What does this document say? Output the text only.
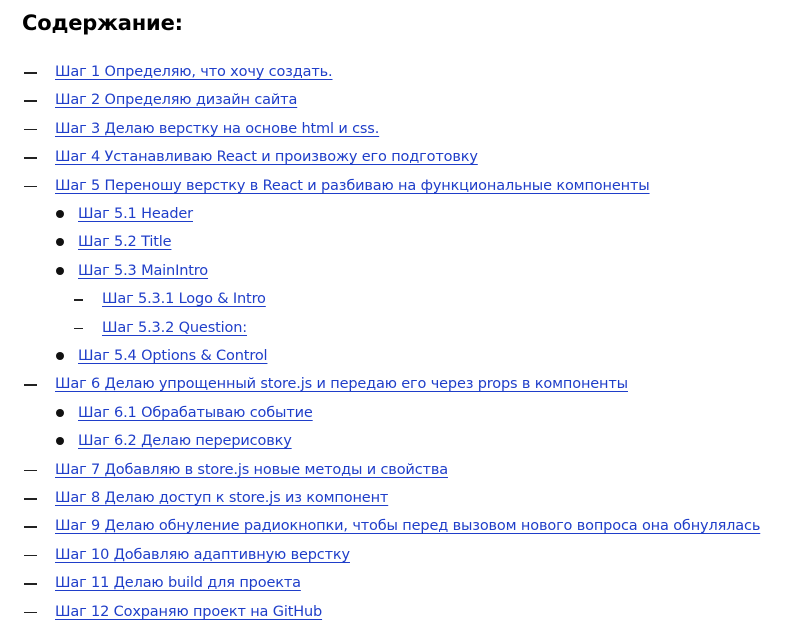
Содержание:
Шаг 1 Определяю, что хочу создать.
Шаг 2 Определяю дизайн сайта
Шаг 3 Делаю верстку на основе html и css.
Шаг 4 Устанавливаю React и произвожу его подготовку
Шаг 5 Переношу верстку в React и разбиваю на функциональные компоненты
Шаг 5.1 Header
Шаг 5.2 Title
Шаг 5.3 MainIntro
Шаг 5.3.1 Logo & Intro
Шаг 5.3.2 Question:
Шаг 5.4 Options & Control
Шаг 6 Делаю упрощенный store.js и передаю его через props в компоненты
Шаг 6.1 Обрабатываю событие
Шаг 6.2 Делаю перерисовку
Шаг 7 Добавляю в store.js новые методы и свойства
Шаг 8 Делаю доступ к store.js из компонент
Шаг 9 Делаю обнуление радиокнопки, чтобы перед вызовом нового вопроса она обнулялась
Шаг 10 Добавляю адаптивную верстку
Шаг 11 Делаю build для проекта
Шаг 12 Сохраняю проект на GitHub
